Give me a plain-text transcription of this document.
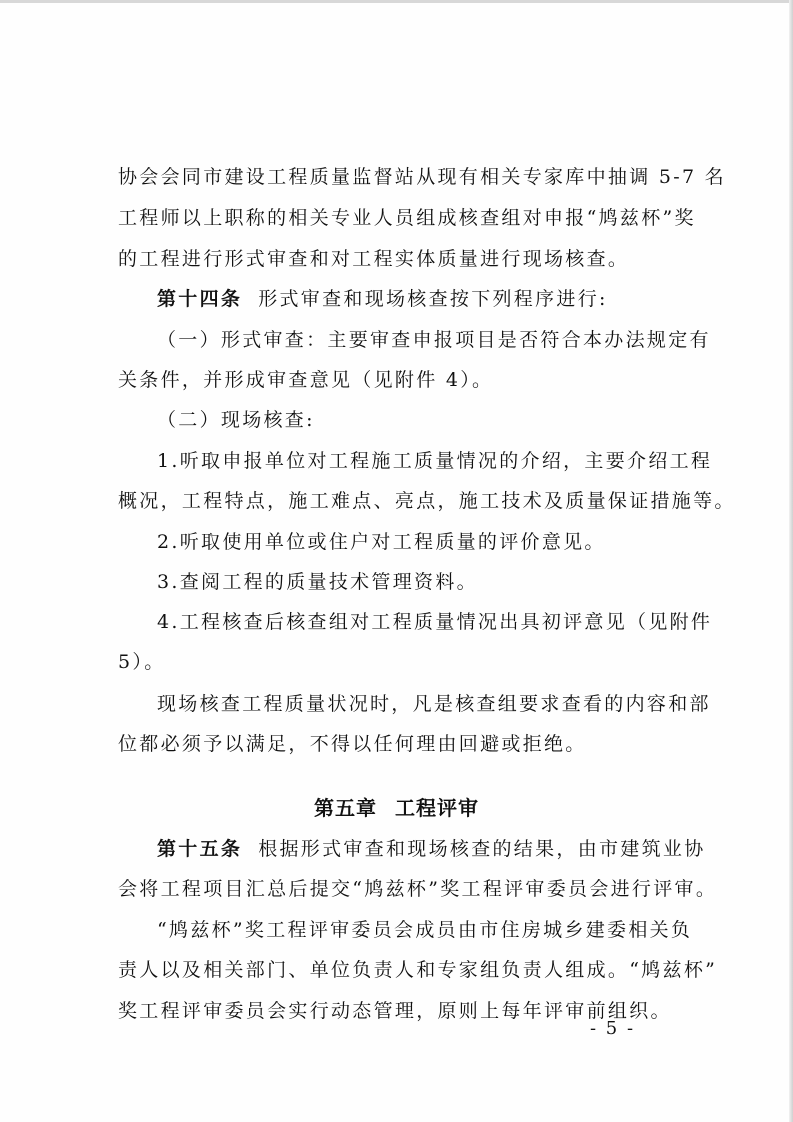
协会会同市建设工程质量监督站从现有相关专家库中抽调 5-7 名
工程师以上职称的相关专业人员组成核查组对申报“鸠兹杯”奖
的工程进行形式审查和对工程实体质量进行现场核查。
第十四条 形式审查和现场核查按下列程序进行:
（一）形式审查：主要审查申报项目是否符合本办法规定有
关条件，并形成审查意见（见附件 4）。
（二）现场核查:
1.听取申报单位对工程施工质量情况的介绍，主要介绍工程
概况，工程特点，施工难点、亮点，施工技术及质量保证措施等。
2.听取使用单位或住户对工程质量的评价意见。
3.查阅工程的质量技术管理资料。
4.工程核查后核查组对工程质量情况出具初评意见（见附件
5）。
现场核查工程质量状况时，凡是核查组要求查看的内容和部
位都必须予以满足，不得以任何理由回避或拒绝。
第五章 工程评审
第十五条 根据形式审查和现场核查的结果，由市建筑业协
会将工程项目汇总后提交“鸠兹杯”奖工程评审委员会进行评审。
“鸠兹杯”奖工程评审委员会成员由市住房城乡建委相关负
责人以及相关部门、单位负责人和专家组负责人组成。“鸠兹杯”
奖工程评审委员会实行动态管理，原则上每年评审前组织。
- 5 -
